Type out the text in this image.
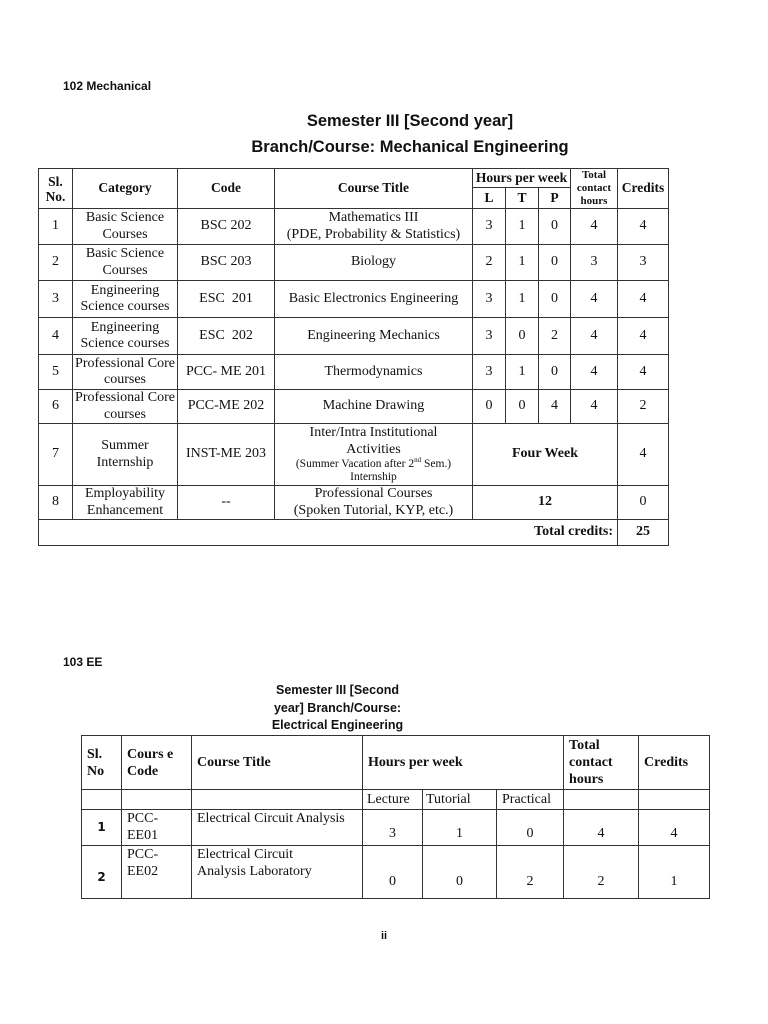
102 Mechanical
Semester III [Second year]
Branch/Course: Mechanical Engineering
Sl. No.	Category	Code	Course Title	Hours per week			Total contact hours	Credits
				L	T	P		
1	Basic Science Courses	BSC 202	Mathematics III
(PDE, Probability & Statistics)	3	1	0	4	4
2	Basic Science Courses	BSC 203	Biology	2	1	0	3	3
3	Engineering Science courses	ESC  201	Basic Electronics Engineering	3	1	0	4	4
4	Engineering Science courses	ESC  202	Engineering Mechanics	3	0	2	4	4
5	Professional Core courses	PCC- ME 201	Thermodynamics	3	1	0	4	4
6	Professional Core courses	PCC-ME 202	Machine Drawing	0	0	4	4	2
7	Summer Internship	INST-ME 203	Inter/Intra Institutional
Activities
(Summer Vacation after 2nd Sem.)
Internship	Four Week				4
8	Employability Enhancement	--	Professional Courses
(Spoken Tutorial, KYP, etc.)	12				0
Total credits:								25
103 EE
Semester III [Second
year] Branch/Course:
Electrical Engineering
Sl. No	Cours e Code	Course Title	Hours per week			Total contact hours	Credits
			Lecture	Tutorial	Practical		
1	PCC- EE01	Electrical Circuit Analysis	3	1	0	4	4
2	PCC- EE02	Electrical Circuit Analysis Laboratory	0	0	2	2	1
ii
